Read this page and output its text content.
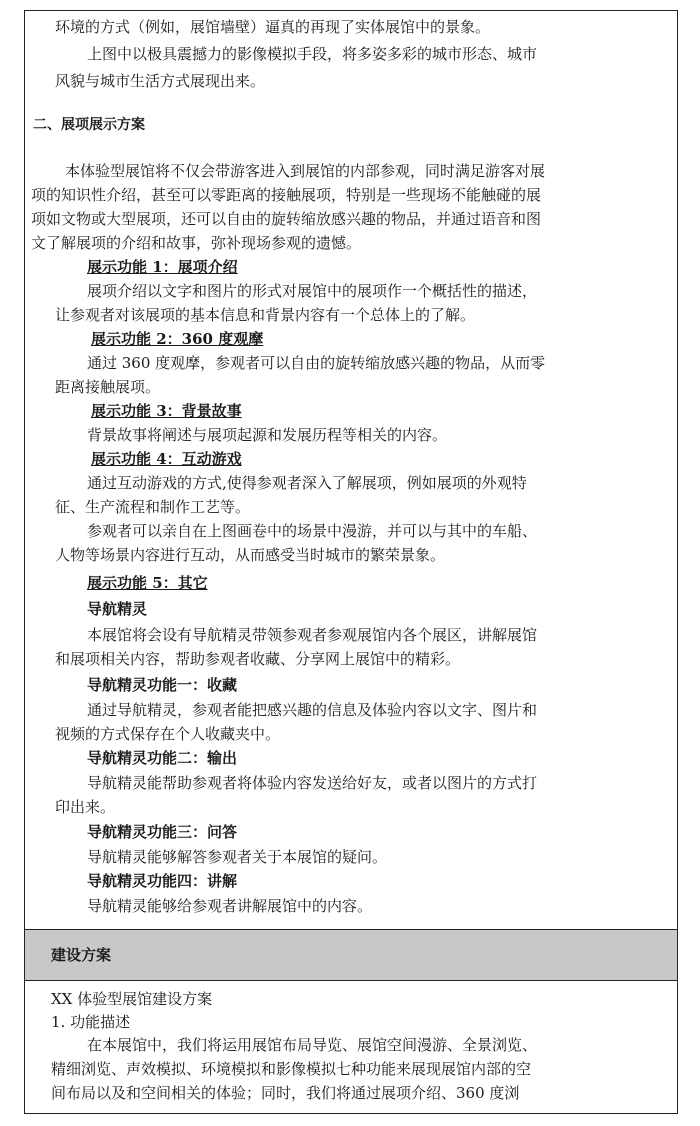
环境的方式（例如，展馆墙壁）逼真的再现了实体展馆中的景象。
上图中以极具震撼力的影像模拟手段，将多姿多彩的城市形态、城市
风貌与城市生活方式展现出来。
二、展项展示方案
本体验型展馆将不仅会带游客进入到展馆的内部参观，同时满足游客对展
项的知识性介绍，甚至可以零距离的接触展项，特别是一些现场不能触碰的展
项如文物或大型展项，还可以自由的旋转缩放感兴趣的物品，并通过语音和图
文了解展项的介绍和故事，弥补现场参观的遗憾。
展示功能 1：展项介绍
展项介绍以文字和图片的形式对展馆中的展项作一个概括性的描述，
让参观者对该展项的基本信息和背景内容有一个总体上的了解。
展示功能 2：360 度观摩
通过 360 度观摩，参观者可以自由的旋转缩放感兴趣的物品，从而零
距离接触展项。
展示功能 3：背景故事
背景故事将阐述与展项起源和发展历程等相关的内容。
展示功能 4：互动游戏
通过互动游戏的方式,使得参观者深入了解展项，例如展项的外观特
征、生产流程和制作工艺等。
参观者可以亲自在上图画卷中的场景中漫游，并可以与其中的车船、
人物等场景内容进行互动，从而感受当时城市的繁荣景象。
展示功能 5：其它
导航精灵
本展馆将会设有导航精灵带领参观者参观展馆内各个展区，讲解展馆
和展项相关内容，帮助参观者收藏、分享网上展馆中的精彩。
导航精灵功能一：收藏
通过导航精灵，参观者能把感兴趣的信息及体验内容以文字、图片和
视频的方式保存在个人收藏夹中。
导航精灵功能二：输出
导航精灵能帮助参观者将体验内容发送给好友，或者以图片的方式打
印出来。
导航精灵功能三：问答
导航精灵能够解答参观者关于本展馆的疑问。
导航精灵功能四：讲解
导航精灵能够给参观者讲解展馆中的内容。
建设方案
XX 体验型展馆建设方案
1. 功能描述
在本展馆中，我们将运用展馆布局导览、展馆空间漫游、全景浏览、
精细浏览、声效模拟、环境模拟和影像模拟七种功能来展现展馆内部的空
间布局以及和空间相关的体验；同时，我们将通过展项介绍、360 度浏
